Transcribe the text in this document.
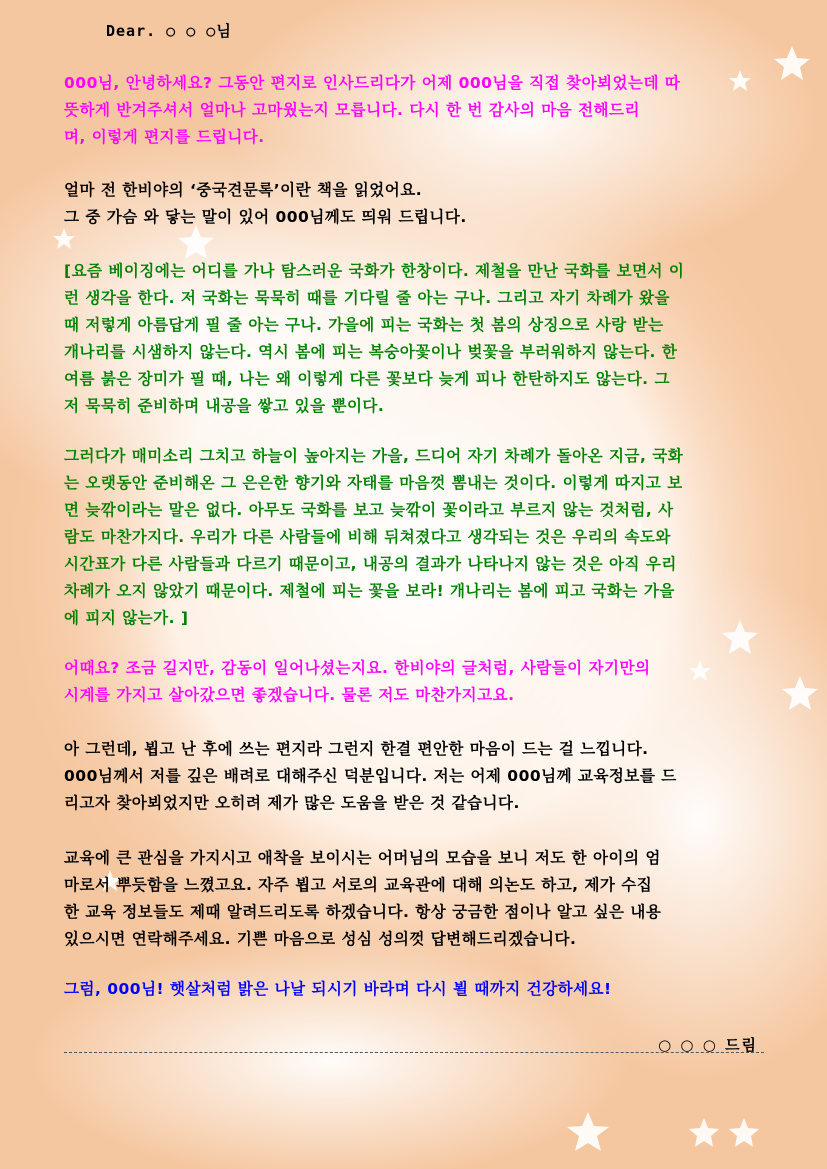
Dear. ○ ○ ○님

000님, 안녕하세요? 그동안 편지로 인사드리다가 어제 000님을 직접 찾아뵈었는데 따
뜻하게 반겨주셔서 얼마나 고마웠는지 모릅니다. 다시 한 번 감사의 마음 전해드리
며, 이렇게 편지를 드립니다.

얼마 전 한비야의 ‘중국견문록’이란 책을 읽었어요.
그 중 가슴 와 닿는 말이 있어 000님께도 띄워 드립니다.

[요즘 베이징에는 어디를 가나 탐스러운 국화가 한창이다. 제철을 만난 국화를 보면서 이
런 생각을 한다. 저 국화는 묵묵히 때를 기다릴 줄 아는 구나. 그리고 자기 차례가 왔을
때 저렇게 아름답게 필 줄 아는 구나. 가을에 피는 국화는 첫 봄의 상징으로 사랑 받는
개나리를 시샘하지 않는다. 역시 봄에 피는 복숭아꽃이나 벚꽃을 부러워하지 않는다. 한
여름 붉은 장미가 필 때, 나는 왜 이렇게 다른 꽃보다 늦게 피나 한탄하지도 않는다. 그
저 묵묵히 준비하며 내공을 쌓고 있을 뿐이다.

그러다가 매미소리 그치고 하늘이 높아지는 가을, 드디어 자기 차례가 돌아온 지금, 국화
는 오랫동안 준비해온 그 은은한 향기와 자태를 마음껏 뽐내는 것이다. 이렇게 따지고 보
면 늦깎이라는 말은 없다. 아무도 국화를 보고 늦깎이 꽃이라고 부르지 않는 것처럼, 사
람도 마찬가지다. 우리가 다른 사람들에 비해 뒤쳐졌다고 생각되는 것은 우리의 속도와
시간표가 다른 사람들과 다르기 때문이고, 내공의 결과가 나타나지 않는 것은 아직 우리
차례가 오지 않았기 때문이다. 제철에 피는 꽃을 보라! 개나리는 봄에 피고 국화는 가을
에 피지 않는가. ]

어때요? 조금 길지만, 감동이 일어나셨는지요. 한비야의 글처럼, 사람들이 자기만의
시계를 가지고 살아갔으면 좋겠습니다. 물론 저도 마찬가지고요.

아 그런데, 뵙고 난 후에 쓰는 편지라 그런지 한결 편안한 마음이 드는 걸 느낍니다.
000님께서 저를 깊은 배려로 대해주신 덕분입니다. 저는 어제 000님께 교육정보를 드
리고자 찾아뵈었지만 오히려 제가 많은 도움을 받은 것 같습니다.

교육에 큰 관심을 가지시고 애착을 보이시는 어머님의 모습을 보니 저도 한 아이의 엄
마로서 뿌듯함을 느꼈고요. 자주 뵙고 서로의 교육관에 대해 의논도 하고, 제가 수집
한 교육 정보들도 제때 알려드리도록 하겠습니다. 항상 궁금한 점이나 알고 싶은 내용
있으시면 연락해주세요. 기쁜 마음으로 성심 성의껏 답변해드리겠습니다.

그럼, 000님! 햇살처럼 밝은 나날 되시기 바라며 다시 뵐 때까지 건강하세요!

○ ○ ○ 드림
